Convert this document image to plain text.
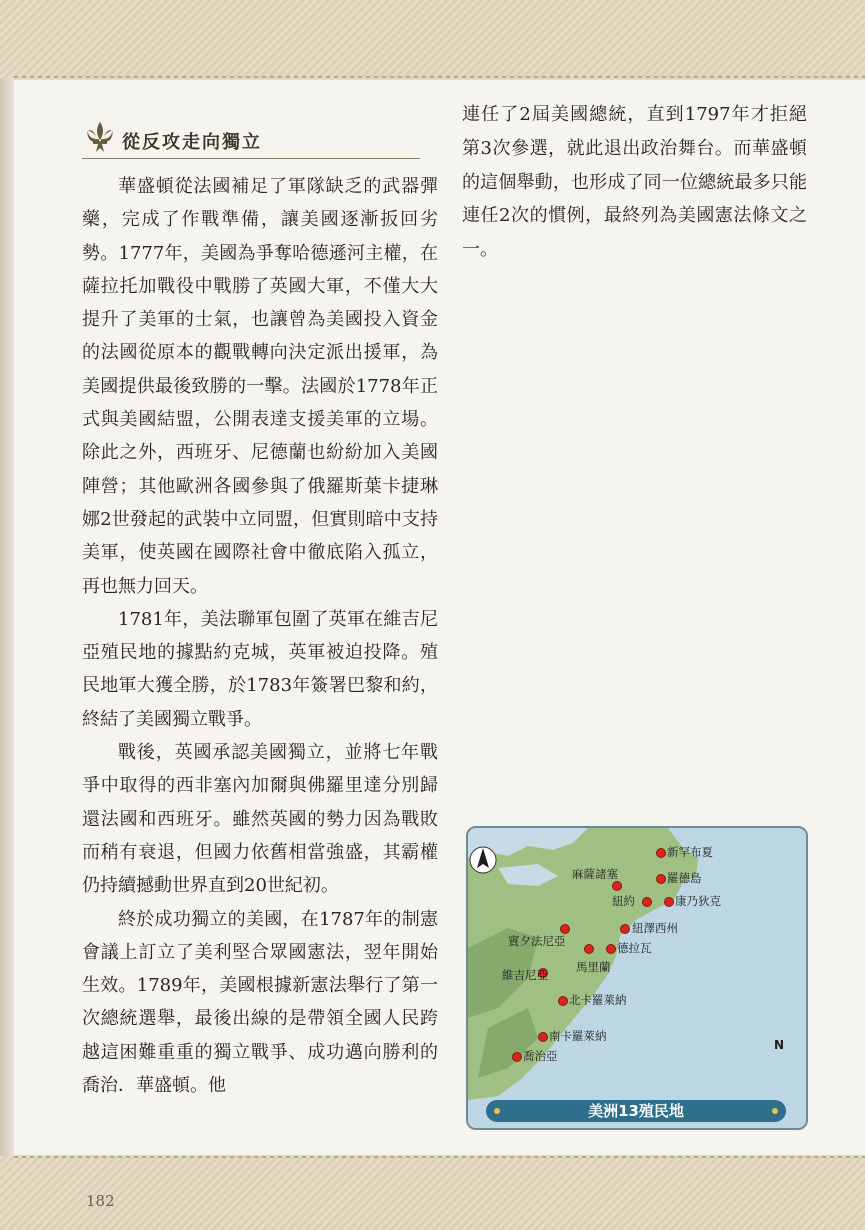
從反攻走向獨立

華盛頓從法國補足了軍隊缺乏的武器彈藥，完成了作戰準備，讓美國逐漸扳回劣勢。1777年，美國為爭奪哈德遜河主權，在薩拉托加戰役中戰勝了英國大軍，不僅大大提升了美軍的士氣，也讓曾為美國投入資金的法國從原本的觀戰轉向決定派出援軍，為美國提供最後致勝的一擊。法國於1778年正式與美國結盟，公開表達支援美軍的立場。除此之外，西班牙、尼德蘭也紛紛加入美國陣營；其他歐洲各國參與了俄羅斯葉卡捷琳娜2世發起的武裝中立同盟，但實則暗中支持美軍，使英國在國際社會中徹底陷入孤立，再也無力回天。

1781年，美法聯軍包圍了英軍在維吉尼亞殖民地的據點約克城，英軍被迫投降。殖民地軍大獲全勝，於1783年簽署巴黎和約，終結了美國獨立戰爭。

戰後，英國承認美國獨立，並將七年戰爭中取得的西非塞內加爾與佛羅里達分別歸還法國和西班牙。雖然英國的勢力因為戰敗而稍有衰退，但國力依舊相當強盛，其霸權仍持續撼動世界直到20世紀初。

終於成功獨立的美國，在1787年的制憲會議上訂立了美利堅合眾國憲法，翌年開始生效。1789年，美國根據新憲法舉行了第一次總統選舉，最後出線的是帶領全國人民跨越這困難重重的獨立戰爭、成功邁向勝利的喬治．華盛頓。他

連任了2屆美國總統，直到1797年才拒絕第3次參選，就此退出政治舞台。而華盛頓的這個舉動，也形成了同一位總統最多只能連任2次的慣例，最終列為美國憲法條文之一。

新罕布夏
麻薩諸塞	羅德島
紐約	康乃狄克
紐澤西州
賓夕法尼亞	德拉瓦
馬里蘭
維吉尼亞
北卡羅萊納
南卡羅萊納
喬治亞
N
美洲13殖民地
182
